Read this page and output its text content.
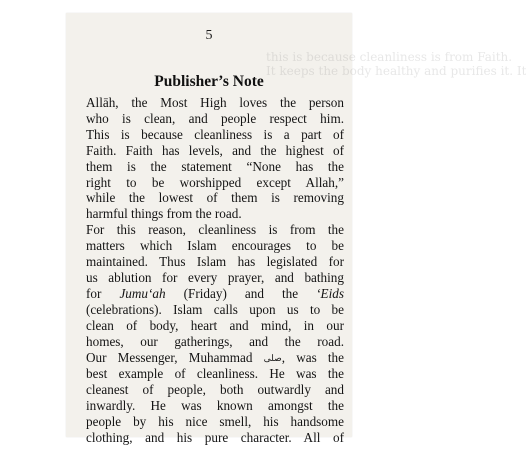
this is because cleanliness is from Faith.
It keeps the body healthy and purifies it. It
5
Publisher’s Note
Allāh, the Most High loves the person
who is clean, and people respect him.
This is because cleanliness is a part of
Faith. Faith has levels, and the highest of
them is the statement “None has the
right to be worshipped except Allah,”
while the lowest of them is removing
harmful things from the road.
For this reason, cleanliness is from the
matters which Islam encourages to be
maintained. Thus Islam has legislated for
us ablution for every prayer, and bathing
for Jumu‘ah (Friday) and the ‘Eids
(celebrations). Islam calls upon us to be
clean of body, heart and mind, in our
homes, our gatherings, and the road.
Our Messenger, Muhammad صلى, was the
best example of cleanliness. He was the
cleanest of people, both outwardly and
inwardly. He was known amongst the
people by his nice smell, his handsome
clothing, and his pure character. All of
